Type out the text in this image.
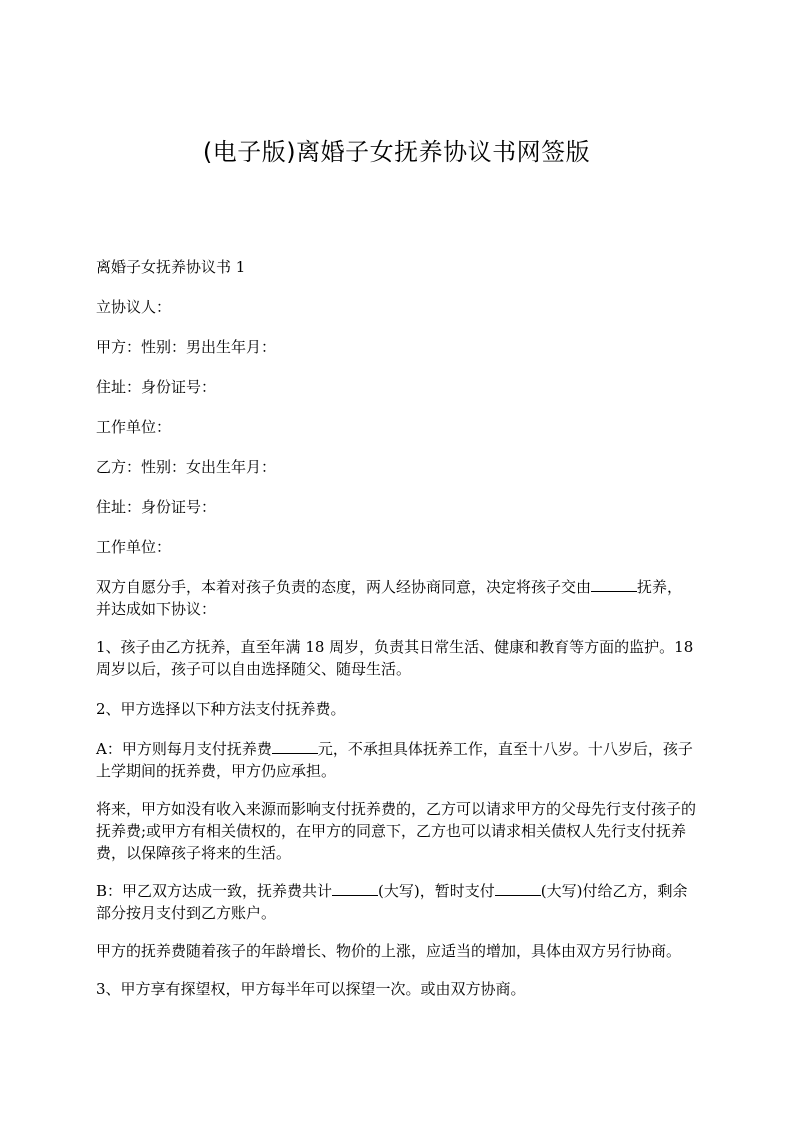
(电子版)离婚子女抚养协议书网签版

离婚子女抚养协议书 1

立协议人：

甲方：性别：男出生年月：

住址：身份证号：

工作单位：

乙方：性别：女出生年月：

住址：身份证号：

工作单位：

双方自愿分手，本着对孩子负责的态度，两人经协商同意，决定将孩子交由	抚养，并达成如下协议：

1、孩子由乙方抚养，直至年满 18 周岁，负责其日常生活、健康和教育等方面的监护。18 周岁以后，孩子可以自由选择随父、随母生活。

2、甲方选择以下种方法支付抚养费。

A：甲方则每月支付抚养费	元，不承担具体抚养工作，直至十八岁。十八岁后，孩子上学期间的抚养费，甲方仍应承担。

将来，甲方如没有收入来源而影响支付抚养费的，乙方可以请求甲方的父母先行支付孩子的抚养费;或甲方有相关债权的，在甲方的同意下，乙方也可以请求相关债权人先行支付抚养费，以保障孩子将来的生活。

B：甲乙双方达成一致，抚养费共计	(大写)，暂时支付	(大写)付给乙方，剩余部分按月支付到乙方账户。

甲方的抚养费随着孩子的年龄增长、物价的上涨，应适当的增加，具体由双方另行协商。

3、甲方享有探望权，甲方每半年可以探望一次。或由双方协商。
